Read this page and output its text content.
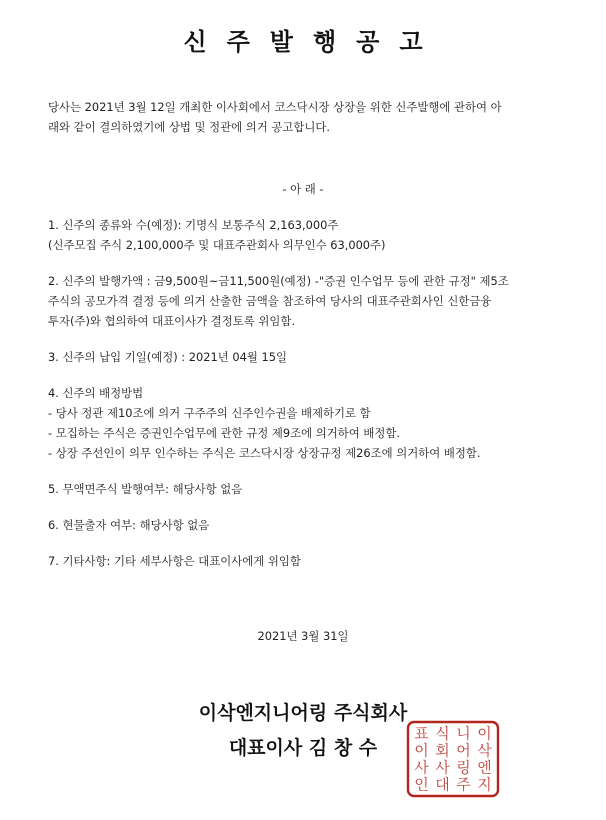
신주발행공고
당사는 2021년 3월 12일 개최한 이사회에서 코스닥시장 상장을 위한 신주발행에 관하여 아
래와 같이 결의하였기에 상법 및 정관에 의거 공고합니다.
- 아 래 -
1. 신주의 종류와 수(예정): 기명식 보통주식 2,163,000주
(신주모집 주식 2,100,000주 및 대표주관회사 의무인수 63,000주)
2. 신주의 발행가액 : 금9,500원~금11,500원(예정) -"증권 인수업무 등에 관한 규정" 제5조
주식의 공모가격 결정 등에 의거 산출한 금액을 참조하여 당사의 대표주관회사인 신한금융
투자(주)와 협의하여 대표이사가 결정토록 위임함.
3. 신주의 납입 기일(예정) : 2021년 04월 15일
4. 신주의 배정방법
- 당사 정관 제10조에 의거 구주주의 신주인수권을 배제하기로 함
- 모집하는 주식은 증권인수업무에 관한 규정 제9조에 의거하여 배정함.
- 상장 주선인이 의무 인수하는 주식은 코스닥시장 상장규정 제26조에 의거하여 배정함.
5. 무액면주식 발행여부: 해당사항 없음
6. 현물출자 여부: 해당사항 없음
7. 기타사항: 기타 세부사항은 대표이사에게 위임함
2021년 3월 31일
이삭엔지니어링 주식회사
대표이사 김 창 수
이
삭
엔
지
니
어
링
주
식
회
사
대
표
이
사
인
